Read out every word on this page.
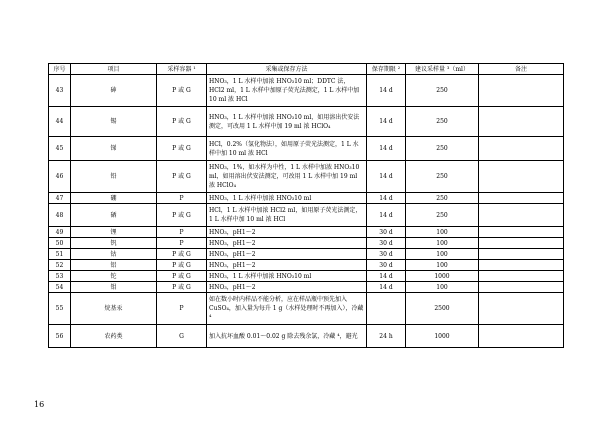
序号	项目	采样容器 ¹	采集或保存方法	保存期限 ²	建议采样量 ³（ml）	备注
43	砷	P 或 G	HNO₃，1 L 水样中加浓 HNO₃10 ml；DDTC 法，HCl2 ml，1 L 水样中加原子荧光法测定，1 L 水样中加 10 ml 浓 HCl	14 d	250	
44	锡	P 或 G	HNO₃，1 L 水样中加浓 HNO₃10 ml，如用溶出伏安法测定，可改用 1 L 水样中加 19 ml 浓 HClO₄	14 d	250	
45	锑	P 或 G	HCl，0.2%（氢化物法），如用原子荧光法测定，1 L 水样中加 10 ml 浓 HCl	14 d	250	
46	铅	P 或 G	HNO₃，1%，如水样为中性，1 L 水样中加浓 HNO₃10 ml，如用溶出伏安法测定，可改用 1 L 水样中加 19 ml 浓 HClO₄	14 d	250	
47	硼	P	HNO₃，1 L 水样中加浓 HNO₃10 ml	14 d	250	
48	硒	P 或 G	HCl，1 L 水样中加浓 HCl2 ml，如用原子荧光法测定，1 L 水样中加 10 ml 浓 HCl	14 d	250	
49	锂	P	HNO₃，pH1～2	30 d	100	
50	钒	P	HNO₃，pH1～2	30 d	100	
51	钴	P 或 G	HNO₃，pH1～2	30 d	100	
52	铝	P 或 G	HNO₃，pH1～2	30 d	100	
53	铊	P 或 G	HNO₃，1 L 水样中加浓 HNO₃10 ml	14 d	1000	
54	钼	P 或 G	HNO₃，pH1～2	14 d	100	
55	烷基汞	P	如在数小时内样品不能分析，应在样品瓶中预先加入 CuSO₄，加入量为每升 1 g（水样处理时不再加入），冷藏 ⁴		2500	
56	农药类	G	加入抗坏血酸 0.01～0.02 g 除去残余氯，冷藏 ⁴，避光	24 h	1000	
16
